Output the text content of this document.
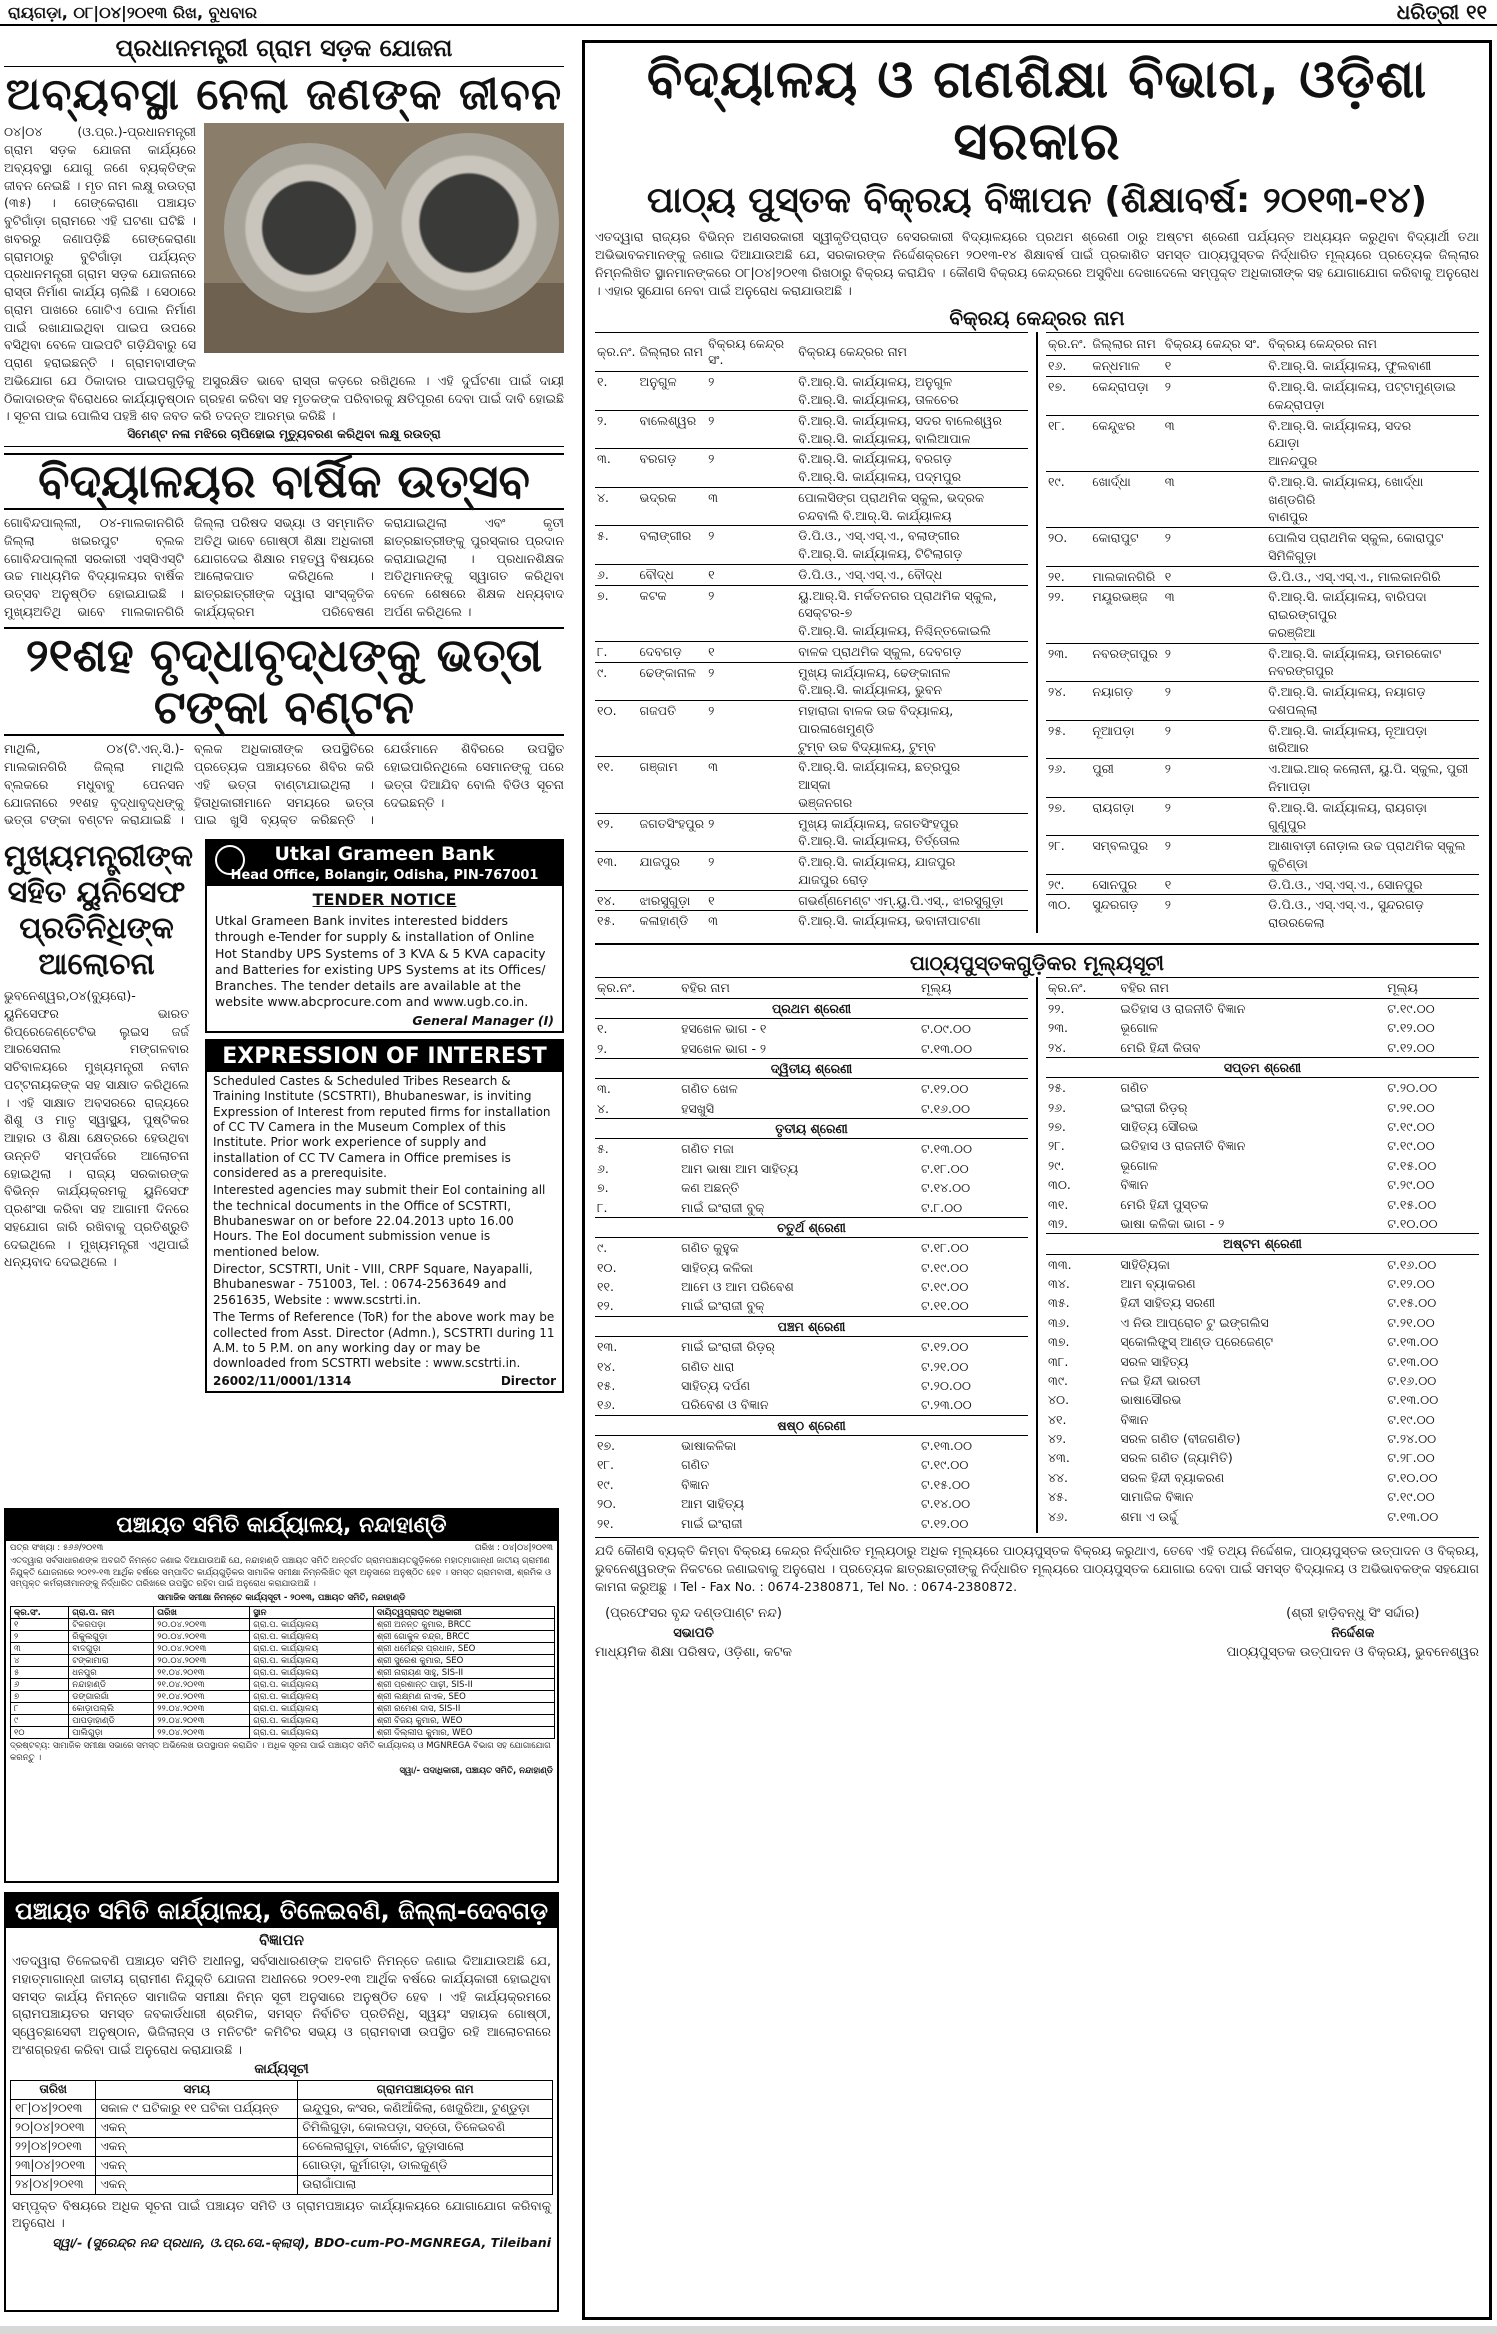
ରାୟଗଡ଼ା, ୦୮|୦୪|୨୦୧୩ ରିଖ, ବୁଧବାର	ଧରିତ୍ରୀ ୧୧
ପ୍ରଧାନମନ୍ତ୍ରୀ ଗ୍ରାମ ସଡ଼କ ଯୋଜନା
ଅବ୍ୟବସ୍ଥା ନେଲା ଜଣଙ୍କ ଜୀବନ
୦୪|୦୪ (ଓ.ପ୍ର.)-ପ୍ରଧାନମନ୍ତ୍ରୀ ଗ୍ରାମ ସଡ଼କ ଯୋଜନା କାର୍ଯ୍ୟରେ ଅବ୍ୟବସ୍ଥା ଯୋଗୁ ଜଣେ ବ୍ୟକ୍ତିଙ୍କ ଜୀବନ ନେଇଛି । ମୃତ ନାମ ଲକ୍ଷୁ ରଉତ୍ରା (୩୫) । ଗେଙ୍କେରାଣା ପଞ୍ଚାୟତ ବୁଟିଗାଁଡ଼ା ଗ୍ରାମରେ ଏହି ଘଟଣା ଘଟିଛି । ଖବରରୁ ଜଣାପଡ଼ିଛି ଗେଙ୍କେରାଣା ଗ୍ରାମଠାରୁ ବୁଟିଗାଁଡ଼ା ପର୍ଯ୍ୟନ୍ତ ପ୍ରଧାନମନ୍ତ୍ରୀ ଗ୍ରାମ ସଡ଼କ ଯୋଜନାରେ ରାସ୍ତା ନିର୍ମାଣ କାର୍ଯ୍ୟ ଚାଲିଛି । ସେଠାରେ ଗ୍ରାମ ପାଖରେ ଗୋଟିଏ ପୋଲ ନିର୍ମାଣ ପାଇଁ ରଖାଯାଇଥିବା ପାଇପ ଉପରେ ବସିଥିବା ବେଳେ ପାଇପଟି ଗଡ଼ିଯିବାରୁ ସେ ପ୍ରାଣ ହରାଇଛନ୍ତି । ଗ୍ରାମବାସୀଙ୍କ ଅଭିଯୋଗ ଯେ ଠିକାଦାର ପାଇପଗୁଡ଼ିକୁ ଅସୁରକ୍ଷିତ ଭାବେ ରାସ୍ତା କଡ଼ରେ ରଖିଥିଲେ । ଏହି ଦୁର୍ଘଟଣା ପାଇଁ ଦାୟୀ ଠିକାଦାରଙ୍କ ବିରୋଧରେ କାର୍ଯ୍ୟାନୁଷ୍ଠାନ ଗ୍ରହଣ କରିବା ସହ ମୃତକଙ୍କ ପରିବାରକୁ କ୍ଷତିପୂରଣ ଦେବା ପାଇଁ ଦାବି ହୋଇଛି । ସୂଚନା ପାଇ ପୋଲିସ ପହଞ୍ଚି ଶବ ଜବତ କରି ତଦନ୍ତ ଆରମ୍ଭ କରିଛି ।
ସିମେଣ୍ଟ ନଳା ମଝିରେ ଚାପିହୋଇ ମୃତ୍ୟୁବରଣ କରିଥିବା ଲକ୍ଷୁ ରଉତ୍ରା
ବିଦ୍ୟାଳୟର ବାର୍ଷିକ ଉତ୍ସବ
ଗୋବିନ୍ଦପାଲ୍ଲୀ, ୦୪-ମାଲକାନଗିରି ଜିଲ୍ଲା ଖଇରପୁଟ ବ୍ଲକ ଗୋବିନ୍ଦପାଲ୍ଲୀ ସରକାରୀ ଏସ୍‌ସିଏସ୍ଟି ଉଚ୍ଚ ମାଧ୍ୟମିକ ବିଦ୍ୟାଳୟର ବାର୍ଷିକ ଉତ୍ସବ ଅନୁଷ୍ଠିତ ହୋଇଯାଇଛି । ମୁଖ୍ୟଅତିଥି ଭାବେ ମାଲକାନଗିରି ଜିଲ୍ଲା ପରିଷଦ ସଭ୍ୟା ଓ ସମ୍ମାନିତ ଅତିଥି ଭାବେ ଗୋଷ୍ଠୀ ଶିକ୍ଷା ଅଧିକାରୀ ଯୋଗଦେଇ ଶିକ୍ଷାର ମହତ୍ୱ ବିଷୟରେ ଆଲୋକପାତ କରିଥିଲେ । ଛାତ୍ରଛାତ୍ରୀଙ୍କ ଦ୍ୱାରା ସାଂସ୍କୃତିକ କାର୍ଯ୍ୟକ୍ରମ ପରିବେଷଣ କରାଯାଇଥିଲା ଏବଂ କୃତୀ ଛାତ୍ରଛାତ୍ରୀଙ୍କୁ ପୁରସ୍କାର ପ୍ରଦାନ କରାଯାଇଥିଲା । ପ୍ରଧାନଶିକ୍ଷକ ଅତିଥିମାନଙ୍କୁ ସ୍ୱାଗତ କରିଥିବା ବେଳେ ଶେଷରେ ଶିକ୍ଷକ ଧନ୍ୟବାଦ ଅର୍ପଣ କରିଥିଲେ ।
୨୧ଶହ ବୃଦ୍ଧାବୃଦ୍ଧଙ୍କୁ ଭତ୍ତା ଟଙ୍କା ବଣ୍ଟନ
ମାଥିଲି, ୦୪(ଟି.ଏନ୍‌.ସି.)- ମାଲକାନଗିରି ଜିଲ୍ଲା ମାଥିଲି ବ୍ଲକରେ ମଧୁବାବୁ ପେନସନ ଯୋଜନାରେ ୨୧ଶହ ବୃଦ୍ଧାବୃଦ୍ଧଙ୍କୁ ଭତ୍ତା ଟଙ୍କା ବଣ୍ଟନ କରାଯାଇଛି । ବ୍ଲକ ଅଧିକାରୀଙ୍କ ଉପସ୍ଥିତିରେ ପ୍ରତ୍ୟେକ ପଞ୍ଚାୟତରେ ଶିବିର କରି ଏହି ଭତ୍ତା ବାଣ୍ଟାଯାଇଥିଲା । ହିତାଧିକାରୀମାନେ ସମୟରେ ଭତ୍ତା ପାଇ ଖୁସି ବ୍ୟକ୍ତ କରିଛନ୍ତି । ଯେଉଁମାନେ ଶିବିରରେ ଉପସ୍ଥିତ ହୋଇପାରିନଥିଲେ ସେମାନଙ୍କୁ ପରେ ଭତ୍ତା ଦିଆଯିବ ବୋଲି ବିଡିଓ ସୂଚନା ଦେଇଛନ୍ତି ।
Utkal Grameen Bank
Head Office, Bolangir, Odisha, PIN-767001
TENDER NOTICE

Utkal Grameen Bank invites interested bidders through e-Tender for supply & installation of Online Hot Standby UPS Systems of 3 KVA & 5 KVA capacity and Batteries for existing UPS Systems at its Offices/ Branches. The tender details are available at the website www.abcprocure.com and www.ugb.co.in.

General Manager (I)

ମୁଖ୍ୟମନ୍ତ୍ରୀଙ୍କ ସହିତ ୟୁନିସେଫ ପ୍ରତିନିଧିଙ୍କ ଆଲୋଚନା
ଭୁବନେଶ୍ୱର,୦୪(ବ୍ୟୁରୋ)- ୟୁନିସେଫର ଭାରତ ରିପ୍ରେଜେଣ୍ଟେଟିଭ ଲୁଇସ ଜର୍ଜ ଆରସେନାଲ ମଙ୍ଗଳବାର ସଚିବାଳୟରେ ମୁଖ୍ୟମନ୍ତ୍ରୀ ନବୀନ ପଟ୍ଟନାୟକଙ୍କ ସହ ସାକ୍ଷାତ କରିଥିଲେ । ଏହି ସାକ୍ଷାତ ଅବସରରେ ରାଜ୍ୟରେ ଶିଶୁ ଓ ମାତୃ ସ୍ୱାସ୍ଥ୍ୟ, ପୁଷ୍ଟିକର ଆହାର ଓ ଶିକ୍ଷା କ୍ଷେତ୍ରରେ ହେଉଥିବା ଉନ୍ନତି ସମ୍ପର୍କରେ ଆଲୋଚନା ହୋଇଥିଲା । ରାଜ୍ୟ ସରକାରଙ୍କ ବିଭିନ୍ନ କାର୍ଯ୍ୟକ୍ରମକୁ ୟୁନିସେଫ ପ୍ରଶଂସା କରିବା ସହ ଆଗାମୀ ଦିନରେ ସହଯୋଗ ଜାରି ରଖିବାକୁ ପ୍ରତିଶ୍ରୁତି ଦେଇଥିଲେ । ମୁଖ୍ୟମନ୍ତ୍ରୀ ଏଥିପାଇଁ ଧନ୍ୟବାଦ ଦେଇଥିଲେ ।
EXPRESSION OF INTEREST

Scheduled Castes & Scheduled Tribes Research & Training Institute (SCSTRTI), Bhubaneswar, is inviting Expression of Interest from reputed firms for installation of CC TV Camera in the Museum Complex of this Institute. Prior work experience of supply and installation of CC TV Camera in Office premises is considered as a prerequisite.

Interested agencies may submit their EoI containing all the technical documents in the Office of SCSTRTI, Bhubaneswar on or before 22.04.2013 upto 16.00 Hours. The EoI document submission venue is mentioned below.

Director, SCSTRTI, Unit - VIII, CRPF Square, Nayapalli, Bhubaneswar - 751003, Tel. : 0674-2563649 and 2561635, Website : www.scstrti.in.

The Terms of Reference (ToR) for the above work may be collected from Asst. Director (Admn.), SCSTRTI during 11 A.M. to 5 P.M. on any working day or may be downloaded from SCSTRTI website : www.scstrti.in.

26002/11/0001/1314	Director

ପଞ୍ଚାୟତ ସମିତି କାର୍ଯ୍ୟାଳୟ, ନନ୍ଦାହାଣ୍ଡି
ପତ୍ର ସଂଖ୍ୟା : ୫୬୬/୨୦୧୩	ତାରିଖ : ୦୪|୦୪|୨୦୧୩
ଏତଦ୍ୱାରା ସର୍ବସାଧାରଣଙ୍କ ଅବଗତି ନିମନ୍ତେ ଜଣାଇ ଦିଆଯାଉଅଛି ଯେ, ନନ୍ଦାହାଣ୍ଡି ପଞ୍ଚାୟତ ସମିତି ଅନ୍ତର୍ଗତ ଗ୍ରାମପଞ୍ଚାୟତଗୁଡ଼ିକରେ ମହାତ୍ମାଗାନ୍ଧୀ ଜାତୀୟ ଗ୍ରାମୀଣ ନିଯୁକ୍ତି ଯୋଜନାରେ ୨୦୧୨-୧୩ ଆର୍ଥିକ ବର୍ଷରେ ସମ୍ପାଦିତ କାର୍ଯ୍ୟଗୁଡ଼ିକର ସାମାଜିକ ସମୀକ୍ଷା ନିମ୍ନଲିଖିତ ସୂଚୀ ଅନୁସାରେ ଅନୁଷ୍ଠିତ ହେବ । ସମସ୍ତ ଗ୍ରାମବାସୀ, ଶ୍ରମିକ ଓ ସମ୍ପୃକ୍ତ କର୍ମଚାରୀମାନଙ୍କୁ ନିର୍ଦ୍ଧାରିତ ତାରିଖରେ ଉପସ୍ଥିତ ରହିବା ପାଇଁ ଅନୁରୋଧ କରାଯାଉଅଛି ।
ସାମାଜିକ ସମୀକ୍ଷା ନିମନ୍ତେ କାର୍ଯ୍ୟସୂଚୀ - ୨୦୧୩, ପଞ୍ଚାୟତ ସମିତି, ନନ୍ଦାହାଣ୍ଡି
କ୍ର.ସଂ.	ଗ୍ରା.ପ. ନାମ	ତାରିଖ	ସ୍ଥାନ	ଦାୟିତ୍ୱପ୍ରାପ୍ତ ଅଧିକାରୀ
୧	ଟିକରପଡ଼ା	୨୦.୦୪.୨୦୧୩	ଗ୍ରା.ପ. କାର୍ଯ୍ୟାଳୟ	ଶ୍ରୀ ଅନନ୍ତ କୁମାର, BRCC
୨	ରିକୁଲଗୁଡ଼ା	୨୦.୦୪.୨୦୧୩	ଗ୍ରା.ପ. କାର୍ଯ୍ୟାଳୟ	ଶ୍ରୀ ଗୋକୁଳ ଚନ୍ଦ୍ର, BRCC
୩	ବାଦଗୁଡ଼ା	୨୦.୦୪.୨୦୧୩	ଗ୍ରା.ପ. କାର୍ଯ୍ୟାଳୟ	ଶ୍ରୀ ଧର୍ମେନ୍ଦ୍ର ପ୍ରଧାନ, SEO
୪	ଟଙ୍କାମାରା	୨୦.୦୪.୨୦୧୩	ଗ୍ରା.ପ. କାର୍ଯ୍ୟାଳୟ	ଶ୍ରୀ ସୁରେଶ କୁମାର, SEO
୫	ଧନପୁର	୨୧.୦୪.୨୦୧୩	ଗ୍ରା.ପ. କାର୍ଯ୍ୟାଳୟ	ଶ୍ରୀ ନାରାୟଣ ସାହୁ, SIS-II
୬	ନନ୍ଦାହାଣ୍ଡି	୨୧.୦୪.୨୦୧୩	ଗ୍ରା.ପ. କାର୍ଯ୍ୟାଳୟ	ଶ୍ରୀ ପ୍ରଶାନ୍ତ ପାଢ଼ୀ, SIS-II
୭	ଡଙ୍ଗାରଗାଁ	୨୧.୦୪.୨୦୧୩	ଗ୍ରା.ପ. କାର୍ଯ୍ୟାଳୟ	ଶ୍ରୀ ଲକ୍ଷ୍ମଣ ନାଏକ, SEO
୮	କୋଡ଼ାପଲ୍ଲି	୨୨.୦୪.୨୦୧୩	ଗ୍ରା.ପ. କାର୍ଯ୍ୟାଳୟ	ଶ୍ରୀ ରମେଶ ଦାସ, SIS-II
୯	ପାପଡ଼ାହାଣ୍ଡି	୨୨.୦୪.୨୦୧୩	ଗ୍ରା.ପ. କାର୍ଯ୍ୟାଳୟ	ଶ୍ରୀ ବିଜୟ କୁମାର, WEO
୧୦	ପାଲିଗୁଡ଼ା	୨୨.୦୪.୨୦୧୩	ଗ୍ରା.ପ. କାର୍ଯ୍ୟାଳୟ	ଶ୍ରୀ ଦିଲ୍ଲୀପ କୁମାର, WEO
ଦ୍ରଷ୍ଟବ୍ୟ: ସାମାଜିକ ସମୀକ୍ଷା ସଭାରେ ସମସ୍ତ ଅଭିଲେଖ ଉପସ୍ଥାପନ କରାଯିବ । ଅଧିକ ସୂଚନା ପାଇଁ ପଞ୍ଚାୟତ ସମିତି କାର୍ଯ୍ୟାଳୟ ଓ MGNREGA ବିଭାଗ ସହ ଯୋଗାଯୋଗ କରନ୍ତୁ ।
ସ୍ୱା/- ପଦାଧିକାରୀ, ପଞ୍ଚାୟତ ସମିତି, ନନ୍ଦାହାଣ୍ଡି
ପଞ୍ଚାୟତ ସମିତି କାର୍ଯ୍ୟାଳୟ, ତିଳେଇବଣି, ଜିଲ୍ଲା-ଦେବଗଡ଼
ବିଜ୍ଞାପନ

ଏତଦ୍ୱାରା ତିଳେଇବଣି ପଞ୍ଚାୟତ ସମିତି ଅଧୀନସ୍ଥ, ସର୍ବସାଧାରଣଙ୍କ ଅବଗତି ନିମନ୍ତେ ଜଣାଇ ଦିଆଯାଉଅଛି ଯେ, ମହାତ୍ମାଗାନ୍ଧୀ ଜାତୀୟ ଗ୍ରାମୀଣ ନିଯୁକ୍ତି ଯୋଜନା ଅଧୀନରେ ୨୦୧୨-୧୩ ଆର୍ଥିକ ବର୍ଷରେ କାର୍ଯ୍ୟକାରୀ ହୋଇଥିବା ସମସ୍ତ କାର୍ଯ୍ୟ ନିମନ୍ତେ ସାମାଜିକ ସମୀକ୍ଷା ନିମ୍ନ ସୂଚୀ ଅନୁସାରେ ଅନୁଷ୍ଠିତ ହେବ । ଏହି କାର୍ଯ୍ୟକ୍ରମରେ ଗ୍ରାମପଞ୍ଚାୟତର ସମସ୍ତ ଜବକାର୍ଡଧାରୀ ଶ୍ରମିକ, ସମସ୍ତ ନିର୍ବାଚିତ ପ୍ରତିନିଧି, ସ୍ୱୟଂ ସହାୟକ ଗୋଷ୍ଠୀ, ସ୍ୱେଚ୍ଛାସେବୀ ଅନୁଷ୍ଠାନ, ଭିଜିଲାନ୍ସ ଓ ମନିଟରିଂ କମିଟିର ସଭ୍ୟ ଓ ଗ୍ରାମବାସୀ ଉପସ୍ଥିତ ରହି ଆଲୋଚନାରେ ଅଂଶଗ୍ରହଣ କରିବା ପାଇଁ ଅନୁରୋଧ କରାଯାଉଛି ।

କାର୍ଯ୍ୟସୂଚୀ
ତାରିଖ	ସମୟ	ଗ୍ରାମପଞ୍ଚାୟତର ନାମ
୧୮|୦୪|୨୦୧୩	ସକାଳ ୯ ଘଟିକାରୁ ୧୧ ଘଟିକା ପର୍ଯ୍ୟନ୍ତ	ଇନ୍ଦୁପୁର, କଂସର, କଣିଆଁକିଲା, ଖେଜୁରିଆ, ଟୁଣ୍ଡୁଡ଼ା
୨୦|୦୪|୨୦୧୩	ଏକନ୍	ଚିମିଲିଗୁଡ଼ା, କୋଲପଡ଼ା, ସତ୍ତୋ, ତିଳେଇବଣି
୨୨|୦୪|୨୦୧୩	ଏକନ୍	ଚେଲେଲାଗୁଡ଼ା, ବାର୍କୋଟ, ଜୁଡ଼ାସାଲୋ
୨୩|୦୪|୨୦୧୩	ଏକନ୍	ଗୋଉଡ଼ା, କୁର୍ମାଗଡ଼ା, ଡାଲକୁଣ୍ଡି
୨୪|୦୪|୨୦୧୩	ଏକନ୍	ଉରାଗାଁପାଲା

ସମ୍ପୃକ୍ତ ବିଷୟରେ ଅଧିକ ସୂଚନା ପାଇଁ ପଞ୍ଚାୟତ ସମିତି ଓ ଗ୍ରାମପଞ୍ଚାୟତ କାର୍ଯ୍ୟାଳୟରେ ଯୋଗାଯୋଗ କରିବାକୁ ଅନୁରୋଧ ।

ସ୍ୱା/- (ସୁରେନ୍ଦ୍ର ନନ୍ଦ ପ୍ରଧାନ, ଓ.ପ୍ର.ସେ.-କ୍ଲାସ୍), BDO-cum-PO-MGNREGA, Tileibani

ବିଦ୍ୟାଳୟ ଓ ଗଣଶିକ୍ଷା ବିଭାଗ, ଓଡ଼ିଶା ସରକାର
ପାଠ୍ୟ ପୁସ୍ତକ ବିକ୍ରୟ ବିଜ୍ଞାପନ (ଶିକ୍ଷାବର୍ଷ: ୨୦୧୩-୧୪)
ଏତଦ୍ୱାରା ରାଜ୍ୟର ବିଭିନ୍ନ ଅଣସରକାରୀ ସ୍ୱୀକୃତିପ୍ରାପ୍ତ ବେସରକାରୀ ବିଦ୍ୟାଳୟରେ ପ୍ରଥମ ଶ୍ରେଣୀ ଠାରୁ ଅଷ୍ଟମ ଶ୍ରେଣୀ ପର୍ଯ୍ୟନ୍ତ ଅଧ୍ୟୟନ କରୁଥିବା ବିଦ୍ୟାର୍ଥୀ ତଥା ଅଭିଭାବକମାନଙ୍କୁ ଜଣାଇ ଦିଆଯାଉଅଛି ଯେ, ସରକାରଙ୍କ ନିର୍ଦ୍ଦେଶକ୍ରମେ ୨୦୧୩-୧୪ ଶିକ୍ଷାବର୍ଷ ପାଇଁ ପ୍ରକାଶିତ ସମସ୍ତ ପାଠ୍ୟପୁସ୍ତକ ନିର୍ଦ୍ଧାରିତ ମୂଲ୍ୟରେ ପ୍ରତ୍ୟେକ ଜିଲ୍ଲାର ନିମ୍ନଲିଖିତ ସ୍ଥାନମାନଙ୍କରେ ୦୮|୦୪|୨୦୧୩ ରିଖଠାରୁ ବିକ୍ରୟ କରାଯିବ । କୌଣସି ବିକ୍ରୟ କେନ୍ଦ୍ରରେ ଅସୁବିଧା ଦେଖାଦେଲେ ସମ୍ପୃକ୍ତ ଅଧିକାରୀଙ୍କ ସହ ଯୋଗାଯୋଗ କରିବାକୁ ଅନୁରୋଧ । ଏହାର ସୁଯୋଗ ନେବା ପାଇଁ ଅନୁରୋଧ କରାଯାଉଅଛି ।
ବିକ୍ରୟ କେନ୍ଦ୍ରର ନାମ
କ୍ର.ନଂ.	ଜିଲ୍ଲାର ନାମ	ବିକ୍ରୟ କେନ୍ଦ୍ର ସଂ.	ବିକ୍ରୟ କେନ୍ଦ୍ରର ନାମ
୧.	ଅନୁଗୁଳ	୨	ବି.ଆର୍‌.ସି. କାର୍ଯ୍ୟାଳୟ, ଅନୁଗୁଳ
ବି.ଆର୍‌.ସି. କାର୍ଯ୍ୟାଳୟ, ତାଳଚେର
୨.	ବାଲେଶ୍ୱର	୨	ବି.ଆର୍‌.ସି. କାର୍ଯ୍ୟାଳୟ, ସଦର ବାଲେଶ୍ୱର
ବି.ଆର୍‌.ସି. କାର୍ଯ୍ୟାଳୟ, ବାଲିଆପାଳ
୩.	ବରଗଡ଼	୨	ବି.ଆର୍‌.ସି. କାର୍ଯ୍ୟାଳୟ, ବରଗଡ଼
ବି.ଆର୍‌.ସି. କାର୍ଯ୍ୟାଳୟ, ପଦ୍ମପୁର
୪.	ଭଦ୍ରକ	୩	ପୋଲସିଙ୍ଗ ପ୍ରାଥମିକ ସ୍କୁଲ, ଭଦ୍ରକ
ଚନ୍ଦବାଲି ବି.ଆର୍‌.ସି. କାର୍ଯ୍ୟାଳୟ
୫.	ବଲାଙ୍ଗୀର	୨	ଡି.ପି.ଓ., ଏସ୍‌.ଏସ୍‌.ଏ., ବଲାଙ୍ଗୀର
ବି.ଆର୍‌.ସି. କାର୍ଯ୍ୟାଳୟ, ଟିଟିଲାଗଡ଼
୬.	ବୌଦ୍ଧ	୧	ଡି.ପି.ଓ., ଏସ୍‌.ଏସ୍‌.ଏ., ବୌଦ୍ଧ
୭.	କଟକ	୨	ୟୁ.ଆର୍‌.ସି. ମର୍କତନଗର ପ୍ରାଥମିକ ସ୍କୁଲ, ସେକ୍ଟର-୭
ବି.ଆର୍‌.ସି. କାର୍ଯ୍ୟାଳୟ, ନିଶ୍ଚିନ୍ତକୋଇଲି
୮.	ଦେବଗଡ଼	୧	ବାଳକ ପ୍ରାଥମିକ ସ୍କୁଲ, ଦେବଗଡ଼
୯.	ଢେଙ୍କାନାଳ	୨	ମୁଖ୍ୟ କାର୍ଯ୍ୟାଳୟ, ଢେଙ୍କାନାଳ
ବି.ଆର୍‌.ସି. କାର୍ଯ୍ୟାଳୟ, ଭୁବନ
୧୦.	ଗଜପତି	୨	ମହାରାଜା ବାଳକ ଉଚ୍ଚ ବିଦ୍ୟାଳୟ, ପାରଳାଖେମୁଣ୍ଡି
ଟୁମ୍ବ ଉଚ୍ଚ ବିଦ୍ୟାଳୟ, ଟୁମ୍ବ
୧୧.	ଗଞ୍ଜାମ	୩	ବି.ଆର୍‌.ସି. କାର୍ଯ୍ୟାଳୟ, ଛତ୍ରପୁର
ଆସ୍କା
ଭଞ୍ଜନଗର
୧୨.	ଜଗତସିଂହପୁର	୨	ମୁଖ୍ୟ କାର୍ଯ୍ୟାଳୟ, ଜଗତସିଂହପୁର
ବି.ଆର୍‌.ସି. କାର୍ଯ୍ୟାଳୟ, ତିର୍ତ୍ତୋଲ
୧୩.	ଯାଜପୁର	୨	ବି.ଆର୍‌.ସି. କାର୍ଯ୍ୟାଳୟ, ଯାଜପୁର
ଯାଜପୁର ରୋଡ଼
୧୪.	ଝାରସୁଗୁଡ଼ା	୧	ଗଭର୍ଣ୍ଣମେଣ୍ଟ ଏମ୍‌.ୟୁ.ପି.ଏସ୍‌., ଝାରସୁଗୁଡ଼ା
୧୫.	କଳାହାଣ୍ଡି	୩	ବି.ଆର୍‌.ସି. କାର୍ଯ୍ୟାଳୟ, ଭବାନୀପାଟଣା
କ୍ର.ନଂ.	ଜିଲ୍ଲାର ନାମ	ବିକ୍ରୟ କେନ୍ଦ୍ର ସଂ.	ବିକ୍ରୟ କେନ୍ଦ୍ରର ନାମ
୧୬.	କନ୍ଧମାଳ	୧	ବି.ଆର୍‌.ସି. କାର୍ଯ୍ୟାଳୟ, ଫୁଲବାଣୀ
୧୭.	କେନ୍ଦ୍ରାପଡ଼ା	୨	ବି.ଆର୍‌.ସି. କାର୍ଯ୍ୟାଳୟ, ପଟ୍ଟାମୁଣ୍ଡାଇ
କେନ୍ଦ୍ରାପଡ଼ା
୧୮.	କେନ୍ଦୁଝର	୩	ବି.ଆର୍‌.ସି. କାର୍ଯ୍ୟାଳୟ, ସଦର
ଯୋଡ଼ା
ଆନନ୍ଦପୁର
୧୯.	ଖୋର୍ଦ୍ଧା	୩	ବି.ଆର୍‌.ସି. କାର୍ଯ୍ୟାଳୟ, ଖୋର୍ଦ୍ଧା
ଖଣ୍ଡଗିରି
ବାଣପୁର
୨୦.	କୋରାପୁଟ	୨	ପୋଲିସ ପ୍ରାଥମିକ ସ୍କୁଲ, କୋରାପୁଟ
ସିମିଳିଗୁଡ଼ା
୨୧.	ମାଲକାନଗିରି	୧	ଡି.ପି.ଓ., ଏସ୍‌.ଏସ୍‌.ଏ., ମାଲକାନଗିରି
୨୨.	ମୟୂରଭଞ୍ଜ	୩	ବି.ଆର୍‌.ସି. କାର୍ଯ୍ୟାଳୟ, ବାରିପଦା
ରାଇରଙ୍ଗପୁର
କରଞ୍ଜିଆ
୨୩.	ନବରଙ୍ଗପୁର	୨	ବି.ଆର୍‌.ସି. କାର୍ଯ୍ୟାଳୟ, ଉମରକୋଟ
ନବରଙ୍ଗପୁର
୨୪.	ନୟାଗଡ଼	୨	ବି.ଆର୍‌.ସି. କାର୍ଯ୍ୟାଳୟ, ନୟାଗଡ଼
ଦଶପଲ୍ଲା
୨୫.	ନୂଆପଡ଼ା	୨	ବି.ଆର୍‌.ସି. କାର୍ଯ୍ୟାଳୟ, ନୂଆପଡ଼ା
ଖରିଆର
୨୬.	ପୁରୀ	୨	ଏ.ଆଇ.ଆର୍‌ କଲୋନୀ, ୟୁ.ପି. ସ୍କୁଲ, ପୁରୀ
ନିମାପଡ଼ା
୨୭.	ରାୟଗଡ଼ା	୨	ବି.ଆର୍‌.ସି. କାର୍ଯ୍ୟାଳୟ, ରାୟଗଡ଼ା
ଗୁଣୁପୁର
୨୮.	ସମ୍ବଲପୁର	୨	ଆଶାବାଡ଼ୀ ନୋଡ଼ାଲ ଉଚ୍ଚ ପ୍ରାଥମିକ ସ୍କୁଲ
କୁଚିଣ୍ଡା
୨୯.	ସୋନପୁର	୧	ଡି.ପି.ଓ., ଏସ୍‌.ଏସ୍‌.ଏ., ସୋନପୁର
୩୦.	ସୁନ୍ଦରଗଡ଼	୨	ଡି.ପି.ଓ., ଏସ୍‌.ଏସ୍‌.ଏ., ସୁନ୍ଦରଗଡ଼
ରାଉରକେଲା
ପାଠ୍ୟପୁସ୍ତକଗୁଡ଼ିକର ମୂଲ୍ୟସୂଚୀ
କ୍ର.ନଂ.	ବହିର ନାମ	ମୂଲ୍ୟ
ପ୍ରଥମ ଶ୍ରେଣୀ		
୧.	ହସଖେଳ ଭାଗ - ୧	ଟ.୦୯.୦୦
୨.	ହସଖେଳ ଭାଗ - ୨	ଟ.୧୩.୦୦
ଦ୍ୱିତୀୟ ଶ୍ରେଣୀ		
୩.	ଗଣିତ ଖେଳ	ଟ.୧୨.୦୦
୪.	ହସଖୁସି	ଟ.୧୬.୦୦
ତୃତୀୟ ଶ୍ରେଣୀ		
୫.	ଗଣିତ ମଜା	ଟ.୧୩.୦୦
୬.	ଆମ ଭାଷା ଆମ ସାହିତ୍ୟ	ଟ.୧୮.୦୦
୭.	କଣ ଅଛନ୍ତି	ଟ.୧୪.୦୦
୮.	ମାଇଁ ଇଂରାଜୀ ବୁକ୍	ଟ.୮.୦୦
ଚତୁର୍ଥ ଶ୍ରେଣୀ		
୯.	ଗଣିତ କୁହୁକ	ଟ.୧୮.୦୦
୧୦.	ସାହିତ୍ୟ କଳିକା	ଟ.୧୯.୦୦
୧୧.	ଆମେ ଓ ଆମ ପରିବେଶ	ଟ.୧୯.୦୦
୧୨.	ମାଇଁ ଇଂରାଜୀ ବୁକ୍	ଟ.୧୧.୦୦
ପଞ୍ଚମ ଶ୍ରେଣୀ		
୧୩.	ମାଇଁ ଇଂରାଜୀ ରିଡ଼ର୍	ଟ.୧୨.୦୦
୧୪.	ଗଣିତ ଧାରା	ଟ.୨୧.୦୦
୧୫.	ସାହିତ୍ୟ ଦର୍ପଣ	ଟ.୨୦.୦୦
୧୬.	ପରିବେଶ ଓ ବିଜ୍ଞାନ	ଟ.୨୩.୦୦
ଷଷ୍ଠ ଶ୍ରେଣୀ		
୧୭.	ଭାଷାକଳିକା	ଟ.୧୩.୦୦
୧୮.	ଗଣିତ	ଟ.୧୯.୦୦
୧୯.	ବିଜ୍ଞାନ	ଟ.୧୫.୦୦
୨୦.	ଆମ ସାହିତ୍ୟ	ଟ.୧୪.୦୦
୨୧.	ମାଇଁ ଇଂରାଜୀ	ଟ.୧୨.୦୦
କ୍ର.ନଂ.	ବହିର ନାମ	ମୂଲ୍ୟ
୨୨.	ଇତିହାସ ଓ ରାଜନୀତି ବିଜ୍ଞାନ	ଟ.୧୯.୦୦
୨୩.	ଭୂଗୋଳ	ଟ.୧୨.୦୦
୨୪.	ମେରି ହିନ୍ଦୀ କିତାବ	ଟ.୧୨.୦୦
ସପ୍ତମ ଶ୍ରେଣୀ		
୨୫.	ଗଣିତ	ଟ.୨୦.୦୦
୨୬.	ଇଂରାଜୀ ରିଡ଼ର୍	ଟ.୨୧.୦୦
୨୭.	ସାହିତ୍ୟ ସୌରଭ	ଟ.୧୯.୦୦
୨୮.	ଇତିହାସ ଓ ରାଜନୀତି ବିଜ୍ଞାନ	ଟ.୧୯.୦୦
୨୯.	ଭୂଗୋଳ	ଟ.୧୫.୦୦
୩୦.	ବିଜ୍ଞାନ	ଟ.୨୯.୦୦
୩୧.	ମେରି ହିନ୍ଦୀ ପୁସ୍ତକ	ଟ.୧୫.୦୦
୩୨.	ଭାଷା କଳିକା ଭାଗ - ୨	ଟ.୧୦.୦୦
ଅଷ୍ଟମ ଶ୍ରେଣୀ		
୩୩.	ସାହିତ୍ୟିକା	ଟ.୧୬.୦୦
୩୪.	ଆମ ବ୍ୟାକରଣ	ଟ.୧୨.୦୦
୩୫.	ହିନ୍ଦୀ ସାହିତ୍ୟ ସରଣୀ	ଟ.୧୫.୦୦
୩୬.	ଏ ନିଉ ଆପ୍ରୋଚ ଟୁ ଇଙ୍ଗଲିସ	ଟ.୨୧.୦୦
୩୭.	ସ୍କୋଲିଙ୍ଗ୍ସ୍ ଆଣ୍ଡ ପ୍ରେଜେଣ୍ଟ	ଟ.୧୩.୦୦
୩୮.	ସରଳ ସାହିତ୍ୟ	ଟ.୧୩.୦୦
୩୯.	ନଇ ହିନ୍ଦୀ ଭାରତୀ	ଟ.୧୬.୦୦
୪୦.	ଭାଷାସୌରଭ	ଟ.୧୩.୦୦
୪୧.	ବିଜ୍ଞାନ	ଟ.୧୯.୦୦
୪୨.	ସରଳ ଗଣିତ (ବୀଜଗଣିତ)	ଟ.୨୪.୦୦
୪୩.	ସରଳ ଗଣିତ (ଜ୍ୟାମିତି)	ଟ.୨୮.୦୦
୪୪.	ସରଳ ହିନ୍ଦୀ ବ୍ୟାକରଣ	ଟ.୧୦.୦୦
୪୫.	ସାମାଜିକ ବିଜ୍ଞାନ	ଟ.୧୯.୦୦
୪୬.	ଶମା ଏ ଉର୍ଦ୍ଦୁ	ଟ.୧୩.୦୦
ଯଦି କୌଣସି ବ୍ୟକ୍ତି କିମ୍ବା ବିକ୍ରୟ କେନ୍ଦ୍ର ନିର୍ଦ୍ଧାରିତ ମୂଲ୍ୟଠାରୁ ଅଧିକ ମୂଲ୍ୟରେ ପାଠ୍ୟପୁସ୍ତକ ବିକ୍ରୟ କରୁଥାଏ, ତେବେ ଏହି ତଥ୍ୟ ନିର୍ଦ୍ଦେଶକ, ପାଠ୍ୟପୁସ୍ତକ ଉତ୍ପାଦନ ଓ ବିକ୍ରୟ, ଭୁବନେଶ୍ୱରଙ୍କ ନିକଟରେ ଜଣାଇବାକୁ ଅନୁରୋଧ । ପ୍ରତ୍ୟେକ ଛାତ୍ରଛାତ୍ରୀଙ୍କୁ ନିର୍ଦ୍ଧାରିତ ମୂଲ୍ୟରେ ପାଠ୍ୟପୁସ୍ତକ ଯୋଗାଇ ଦେବା ପାଇଁ ସମସ୍ତ ବିଦ୍ୟାଳୟ ଓ ଅଭିଭାବକଙ୍କ ସହଯୋଗ କାମନା କରୁଅଛୁ । Tel - Fax No. : 0674-2380871, Tel No. : 0674-2380872.
(ପ୍ରଫେସର ବୃନ୍ଦ ଦଣ୍ଡପାଣ୍ଟ ନନ୍ଦ)
ସଭାପତି
ମାଧ୍ୟମିକ ଶିକ୍ଷା ପରିଷଦ, ଓଡ଼ିଶା, କଟକ
(ଶ୍ରୀ ହାଡ଼ିବନ୍ଧୁ ସିଂ ସର୍ଦ୍ଦାର)
ନିର୍ଦ୍ଦେଶକ
ପାଠ୍ୟପୁସ୍ତକ ଉତ୍ପାଦନ ଓ ବିକ୍ରୟ, ଭୁବନେଶ୍ୱର
